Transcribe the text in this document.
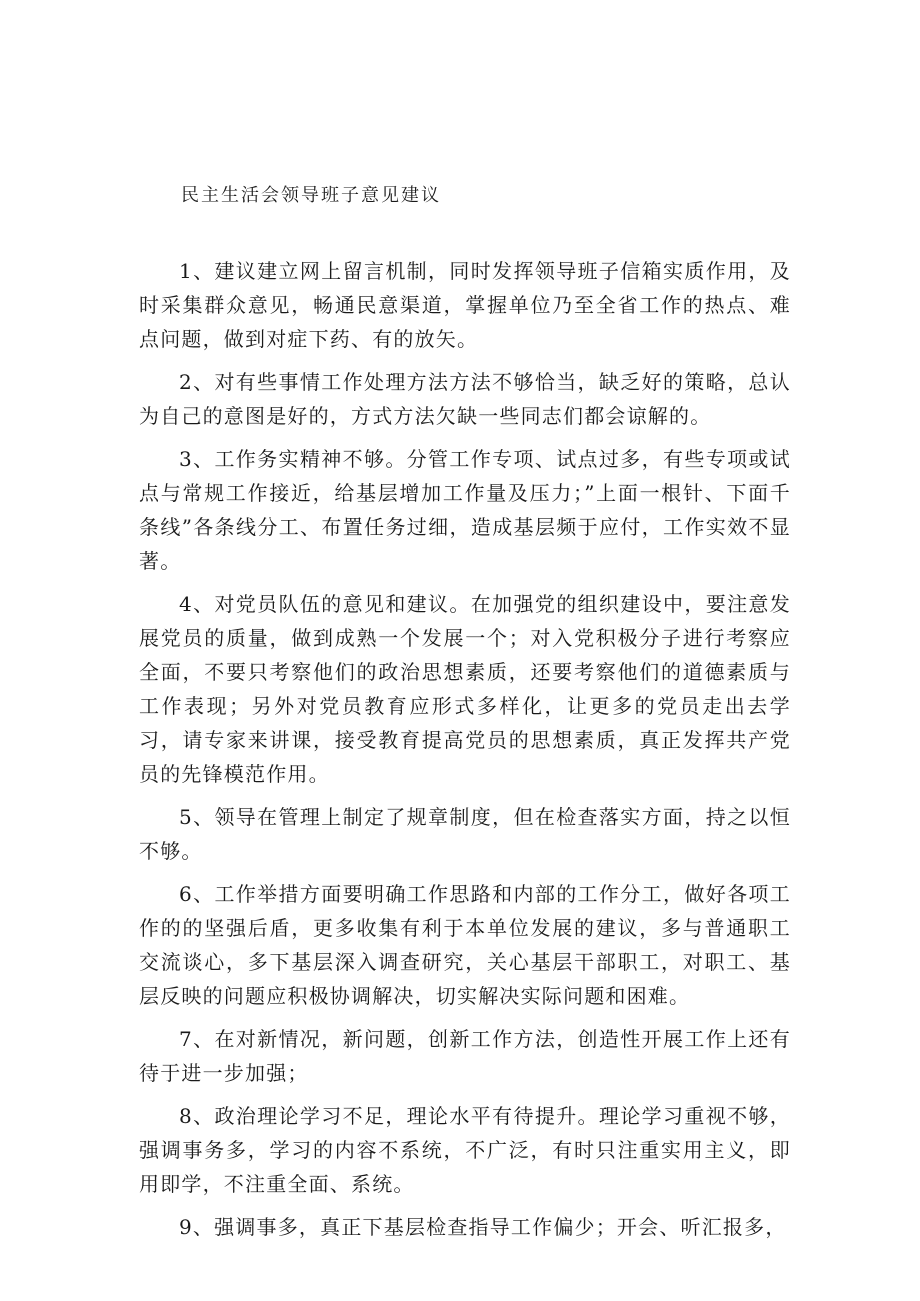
民主生活会领导班子意见建议

1、建议建立网上留言机制，同时发挥领导班子信箱实质作用，及时采集群众意见，畅通民意渠道，掌握单位乃至全省工作的热点、难点问题，做到对症下药、有的放矢。

2、对有些事情工作处理方法方法不够恰当，缺乏好的策略，总认为自己的意图是好的，方式方法欠缺一些同志们都会谅解的。

3、工作务实精神不够。分管工作专项、试点过多，有些专项或试点与常规工作接近，给基层增加工作量及压力；”上面一根针、下面千条线”各条线分工、布置任务过细，造成基层频于应付，工作实效不显著。

4、对党员队伍的意见和建议。在加强党的组织建设中，要注意发展党员的质量，做到成熟一个发展一个；对入党积极分子进行考察应全面，不要只考察他们的政治思想素质，还要考察他们的道德素质与工作表现；另外对党员教育应形式多样化，让更多的党员走出去学习，请专家来讲课，接受教育提高党员的思想素质，真正发挥共产党员的先锋模范作用。

5、领导在管理上制定了规章制度，但在检查落实方面，持之以恒不够。

6、工作举措方面要明确工作思路和内部的工作分工，做好各项工作的的坚强后盾，更多收集有利于本单位发展的建议，多与普通职工交流谈心，多下基层深入调查研究，关心基层干部职工，对职工、基层反映的问题应积极协调解决，切实解决实际问题和困难。

7、在对新情况，新问题，创新工作方法，创造性开展工作上还有待于进一步加强；

8、政治理论学习不足，理论水平有待提升。理论学习重视不够，强调事务多，学习的内容不系统，不广泛，有时只注重实用主义，即用即学，不注重全面、系统。

9、强调事多，真正下基层检查指导工作偏少；开会、听汇报多，
